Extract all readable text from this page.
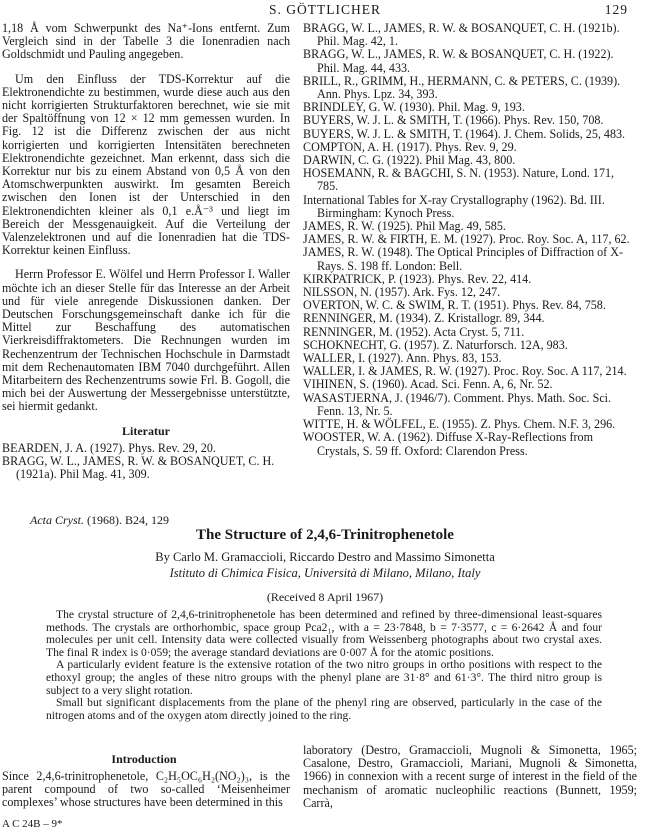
S. GÖTTLICHER	129

1,18 Å vom Schwerpunkt des Na⁺-Ions entfernt. Zum Vergleich sind in der Tabelle 3 die Ionenradien nach Goldschmidt und Pauling angegeben.

Um den Einfluss der TDS-Korrektur auf die Elektronendichte zu bestimmen, wurde diese auch aus den nicht korrigierten Strukturfaktoren berechnet, wie sie mit der Spaltöffnung von 12 × 12 mm gemessen wurden. In Fig. 12 ist die Differenz zwischen der aus nicht korrigierten und korrigierten Intensitäten berechneten Elektronendichte gezeichnet. Man erkennt, dass sich die Korrektur nur bis zu einem Abstand von 0,5 Å von den Atomschwerpunkten auswirkt. Im gesamten Bereich zwischen den Ionen ist der Unterschied in den Elektronendichten kleiner als 0,1 e.Å⁻³ und liegt im Bereich der Messgenauigkeit. Auf die Verteilung der Valenzelektronen und auf die Ionenradien hat die TDS-Korrektur keinen Einfluss.

Herrn Professor E. Wölfel und Herrn Professor I. Waller möchte ich an dieser Stelle für das Interesse an der Arbeit und für viele anregende Diskussionen danken. Der Deutschen Forschungsgemeinschaft danke ich für die Mittel zur Beschaffung des automatischen Vierkreisdiffraktometers. Die Rechnungen wurden im Rechenzentrum der Technischen Hochschule in Darmstadt mit dem Rechenautomaten IBM 7040 durchgeführt. Allen Mitarbeitern des Rechenzentrums sowie Frl. B. Gogoll, die mich bei der Auswertung der Messergebnisse unterstützte, sei hiermit gedankt.

Literatur
BEARDEN, J. A. (1927). Phys. Rev. 29, 20.
BRAGG, W. L., JAMES, R. W. & BOSANQUET, C. H. (1921a). Phil Mag. 41, 309.
BRAGG, W. L., JAMES, R. W. & BOSANQUET, C. H. (1921b). Phil. Mag. 42, 1.
BRAGG, W. L., JAMES, R. W. & BOSANQUET, C. H. (1922). Phil. Mag. 44, 433.
BRILL, R., GRIMM, H., HERMANN, C. & PETERS, C. (1939). Ann. Phys. Lpz. 34, 393.
BRINDLEY, G. W. (1930). Phil. Mag. 9, 193.
BUYERS, W. J. L. & SMITH, T. (1966). Phys. Rev. 150, 708.
BUYERS, W. J. L. & SMITH, T. (1964). J. Chem. Solids, 25, 483.
COMPTON, A. H. (1917). Phys. Rev. 9, 29.
DARWIN, C. G. (1922). Phil Mag. 43, 800.
HOSEMANN, R. & BAGCHI, S. N. (1953). Nature, Lond. 171, 785.
International Tables for X-ray Crystallography (1962). Bd. III. Birmingham: Kynoch Press.
JAMES, R. W. (1925). Phil Mag. 49, 585.
JAMES, R. W. & FIRTH, E. M. (1927). Proc. Roy. Soc. A, 117, 62.
JAMES, R. W. (1948). The Optical Principles of Diffraction of X-Rays. S. 198 ff. London: Bell.
KIRKPATRICK, P. (1923). Phys. Rev. 22, 414.
NILSSON, N. (1957). Ark. Fys. 12, 247.
OVERTON, W. C. & SWIM, R. T. (1951). Phys. Rev. 84, 758.
RENNINGER, M. (1934). Z. Kristallogr. 89, 344.
RENNINGER, M. (1952). Acta Cryst. 5, 711.
SCHOKNECHT, G. (1957). Z. Naturforsch. 12A, 983.
WALLER, I. (1927). Ann. Phys. 83, 153.
WALLER, I. & JAMES, R. W. (1927). Proc. Roy. Soc. A 117, 214.
VIHINEN, S. (1960). Acad. Sci. Fenn. A, 6, Nr. 52.
WASASTJERNA, J. (1946/7). Comment. Phys. Math. Soc. Sci. Fenn. 13, Nr. 5.
WITTE, H. & WÖLFEL, E. (1955). Z. Phys. Chem. N.F. 3, 296.
WOOSTER, W. A. (1962). Diffuse X-Ray-Reflections from Crystals, S. 59 ff. Oxford: Clarendon Press.
Acta Cryst. (1968). B24, 129
The Structure of 2,4,6-Trinitrophenetole
By Carlo M. Gramaccioli, Riccardo Destro and Massimo Simonetta
Istituto di Chimica Fisica, Università di Milano, Milano, Italy
(Received 8 April 1967)

The crystal structure of 2,4,6-trinitrophenetole has been determined and refined by three-dimensional least-squares methods. The crystals are orthorhombic, space group Pca2₁, with a = 23·7848, b = 7·3577, c = 6·2642 Å and four molecules per unit cell. Intensity data were collected visually from Weissenberg photographs about two crystal axes. The final R index is 0·059; the average standard deviations are 0·007 Å for the atomic positions.

A particularly evident feature is the extensive rotation of the two nitro groups in ortho positions with respect to the ethoxyl group; the angles of these nitro groups with the phenyl plane are 31·8° and 61·3°. The third nitro group is subject to a very slight rotation.

Small but significant displacements from the plane of the phenyl ring are observed, particularly in the case of the nitrogen atoms and of the oxygen atom directly joined to the ring.

Introduction
Since 2,4,6-trinitrophenetole, C₂H₅OC₆H₂(NO₂)₃, is the parent compound of two so-called ‘Meisenheimer complexes’ whose structures have been determined in this
laboratory (Destro, Gramaccioli, Mugnoli & Simonetta, 1965; Casalone, Destro, Gramaccioli, Mariani, Mugnoli & Simonetta, 1966) in connexion with a recent surge of interest in the field of the mechanism of aromatic nucleophilic reactions (Bunnett, 1959; Carrà,
A C 24B – 9*
